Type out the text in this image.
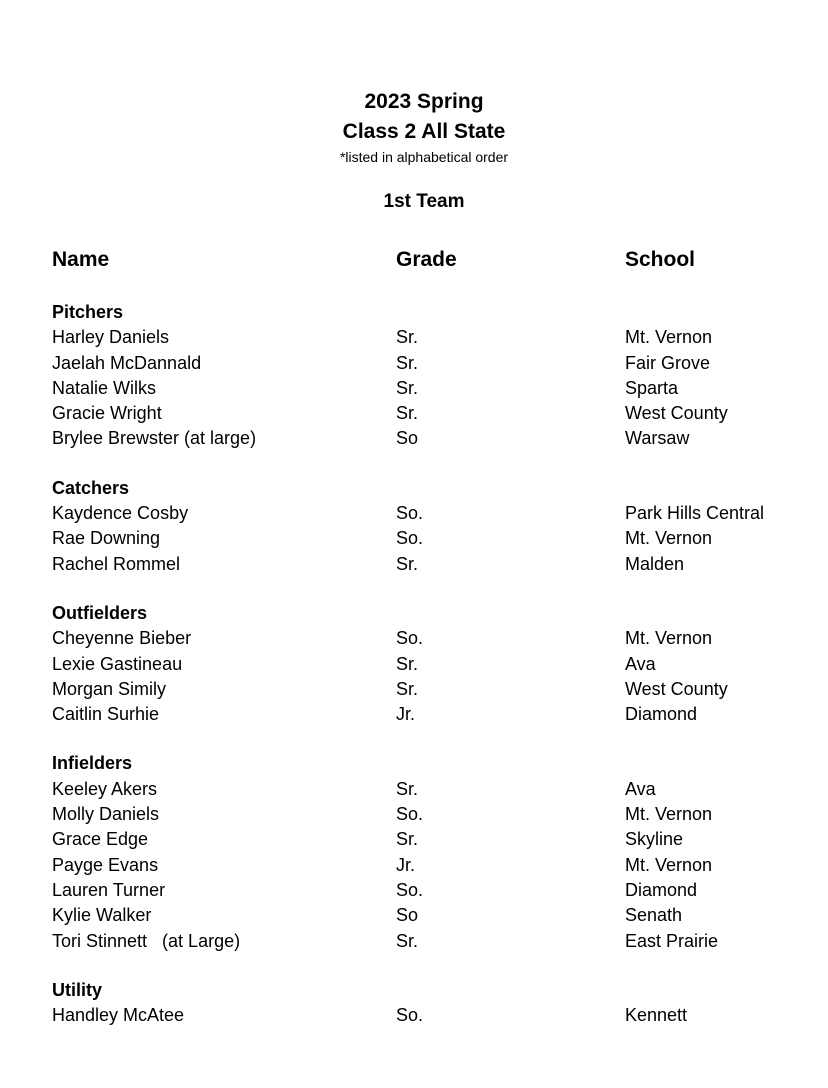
2023 Spring
Class 2 All State
*listed in alphabetical order
1st Team
Name	Grade	School
Pitchers
Harley Daniels	Sr.	Mt. Vernon
Jaelah McDannald	Sr.	Fair Grove
Natalie Wilks	Sr.	Sparta
Gracie Wright	Sr.	West County
Brylee Brewster (at large)	So	Warsaw
Catchers
Kaydence Cosby	So.	Park Hills Central
Rae Downing	So.	Mt. Vernon
Rachel Rommel	Sr.	Malden
Outfielders
Cheyenne Bieber	So.	Mt. Vernon
Lexie Gastineau	Sr.	Ava
Morgan Simily	Sr.	West County
Caitlin Surhie	Jr.	Diamond
Infielders
Keeley Akers	Sr.	Ava
Molly Daniels	So.	Mt. Vernon
Grace Edge	Sr.	Skyline
Payge Evans	Jr.	Mt. Vernon
Lauren Turner	So.	Diamond
Kylie Walker	So	Senath
Tori Stinnett   (at Large)	Sr.	East Prairie
Utility
Handley McAtee	So.	Kennett
